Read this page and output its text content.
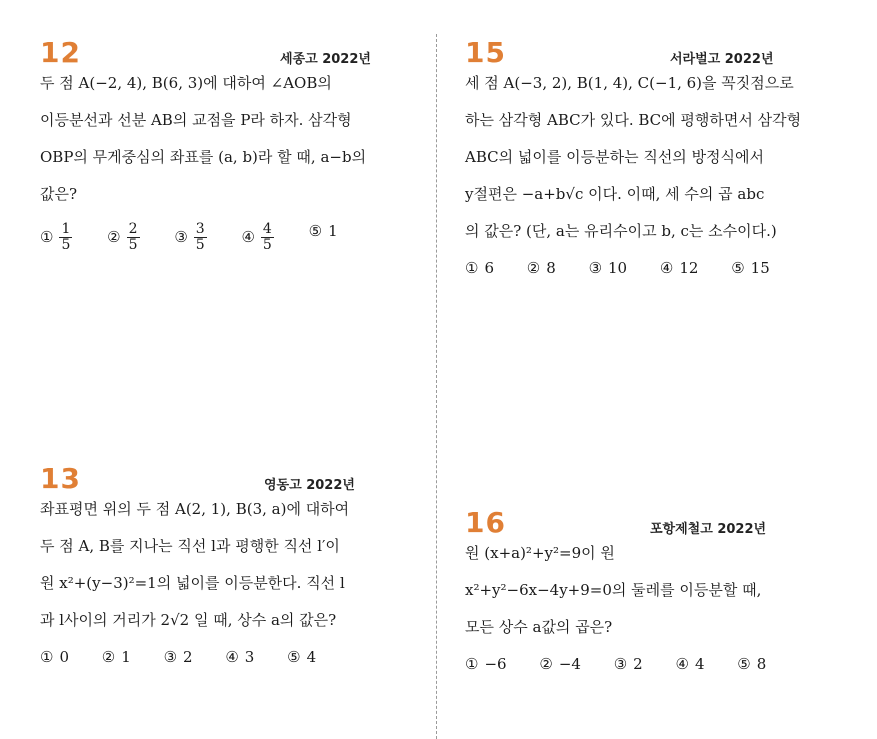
12	세종고 2022년
두 점 A(−2, 4), B(6, 3)에 대하여 ∠AOB의
이등분선과 선분 AB의 교점을 P라 하자. 삼각형
OBP의 무게중심의 좌표를 (a, b)라 할 때, a−b의
값은?
① $\frac{1}{5}$ ② $\frac{2}{5}$ ③ $\frac{3}{5}$ ④ $\frac{4}{5}$ ⑤ 1
15	서라벌고 2022년
세 점 A(−3, 2), B(1, 4), C(−1, 6)을 꼭짓점으로
하는 삼각형 ABC가 있다. BC에 평행하면서 삼각형
ABC의 넓이를 이등분하는 직선의 방정식에서
y절편은 −a+b√c 이다. 이때, 세 수의 곱 abc
의 값은? (단, a는 유리수이고 b, c는 소수이다.)
① 6 ② 8 ③ 10 ④ 12 ⑤ 15
13	영동고 2022년
좌표평면 위의 두 점 A(2, 1), B(3, a)에 대하여
두 점 A, B를 지나는 직선 l과 평행한 직선 l′이
원 x²+(y−3)²=1의 넓이를 이등분한다. 직선 l
과 l사이의 거리가 2√2 일 때, 상수 a의 값은?
① 0 ② 1 ③ 2 ④ 3 ⑤ 4
16	포항제철고 2022년
원 (x+a)²+y²=9이 원
x²+y²−6x−4y+9=0의 둘레를 이등분할 때,
모든 상수 a값의 곱은?
① −6 ② −4 ③ 2 ④ 4 ⑤ 8
